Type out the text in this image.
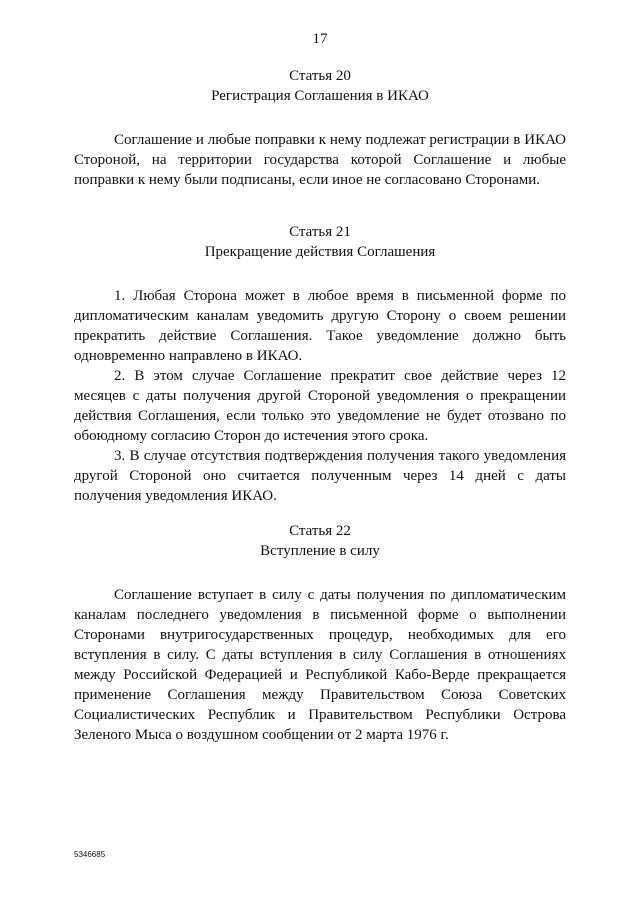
17

Статья 20

Регистрация Соглашения в ИКАО

Соглашение и любые поправки к нему подлежат регистрации в ИКАО Стороной, на территории государства которой Соглашение и любые поправки к нему были подписаны, если иное не согласовано Сторонами.

Статья 21

Прекращение действия Соглашения

1. Любая Сторона может в любое время в письменной форме по дипломатическим каналам уведомить другую Сторону о своем решении прекратить действие Соглашения. Такое уведомление должно быть одновременно направлено в ИКАО.

2. В этом случае Соглашение прекратит свое действие через 12 месяцев с даты получения другой Стороной уведомления о прекращении действия Соглашения, если только это уведомление не будет отозвано по обоюдному согласию Сторон до истечения этого срока.

3. В случае отсутствия подтверждения получения такого уведомления другой Стороной оно считается полученным через 14 дней с даты получения уведомления ИКАО.

Статья 22

Вступление в силу

Соглашение вступает в силу с даты получения по дипломатическим каналам последнего уведомления в письменной форме о выполнении Сторонами внутригосударственных процедур, необходимых для его вступления в силу. С даты вступления в силу Соглашения в отношениях между Российской Федерацией и Республикой Кабо-Верде прекращается применение Соглашения между Правительством Союза Советских Социалистических Республик и Правительством Республики Острова Зеленого Мыса о воздушном сообщении от 2 марта 1976 г.

5346685
